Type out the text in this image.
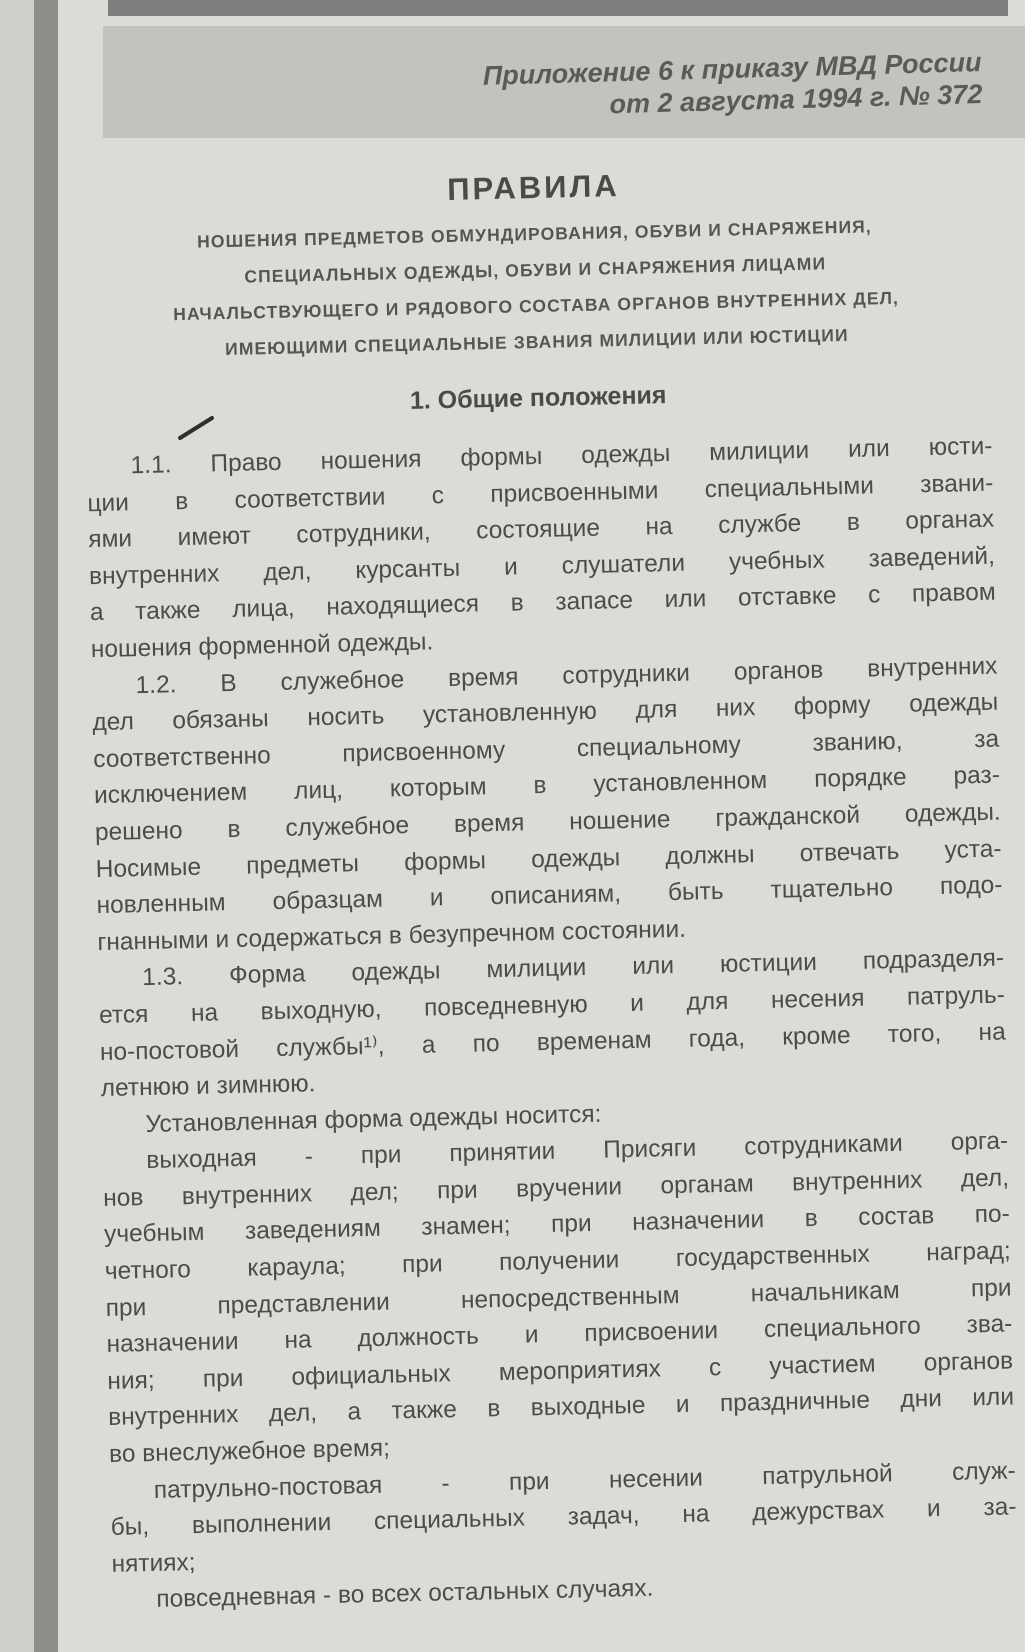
Приложение 6 к приказу МВД России
от 2 августа 1994 г. № 372
ПРАВИЛА
НОШЕНИЯ ПРЕДМЕТОВ ОБМУНДИРОВАНИЯ, ОБУВИ И СНАРЯЖЕНИЯ,
СПЕЦИАЛЬНЫХ ОДЕЖДЫ, ОБУВИ И СНАРЯЖЕНИЯ ЛИЦАМИ
НАЧАЛЬСТВУЮЩЕГО И РЯДОВОГО СОСТАВА ОРГАНОВ ВНУТРЕННИХ ДЕЛ,
ИМЕЮЩИМИ СПЕЦИАЛЬНЫЕ ЗВАНИЯ МИЛИЦИИ ИЛИ ЮСТИЦИИ
1. Общие положения
1.1. Право ношения формы одежды милиции или юсти-
ции в соответствии с присвоенными специальными звани-
ями имеют сотрудники, состоящие на службе в органах
внутренних дел, курсанты и слушатели учебных заведений,
а также лица, находящиеся в запасе или отставке с правом
ношения форменной одежды.
1.2. В служебное время сотрудники органов внутренних
дел обязаны носить установленную для них форму одежды
соответственно присвоенному специальному званию, за
исключением лиц, которым в установленном порядке раз-
решено в служебное время ношение гражданской одежды.
Носимые предметы формы одежды должны отвечать уста-
новленным образцам и описаниям, быть тщательно подо-
гнанными и содержаться в безупречном состоянии.
1.3. Форма одежды милиции или юстиции подразделя-
ется на выходную, повседневную и для несения патруль-
но-постовой службы¹⁾, а по временам года, кроме того, на
летнюю и зимнюю.
Установленная форма одежды носится:
выходная - при принятии Присяги сотрудниками орга-
нов внутренних дел; при вручении органам внутренних дел,
учебным заведениям знамен; при назначении в состав по-
четного караула; при получении государственных наград;
при представлении непосредственным начальникам при
назначении на должность и присвоении специального зва-
ния; при официальных мероприятиях с участием органов
внутренних дел, а также в выходные и праздничные дни или
во внеслужебное время;
патрульно-постовая - при несении патрульной служ-
бы, выполнении специальных задач, на дежурствах и за-
нятиях;
повседневная - во всех остальных случаях.
